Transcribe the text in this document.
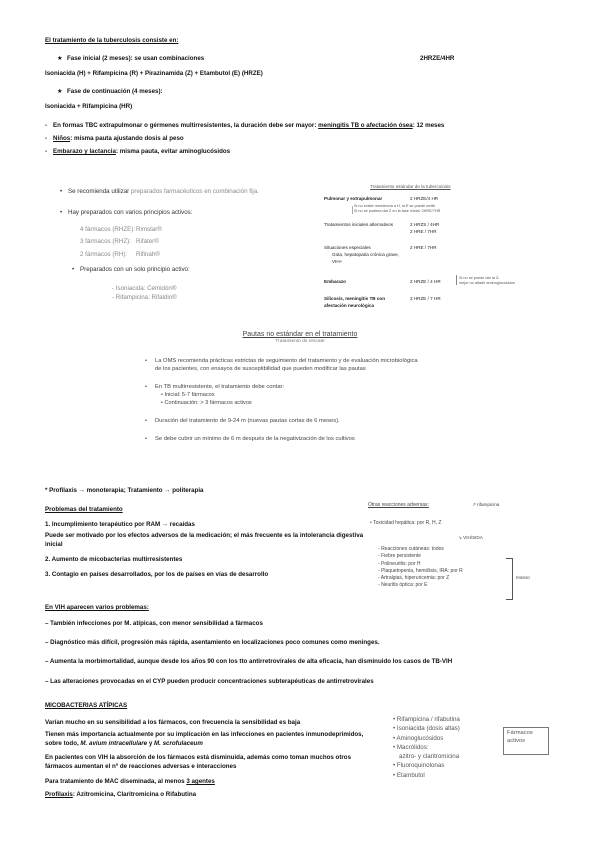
El tratamiento de la tuberculosis consiste en:
★ Fase inicial (2 meses): se usan combinaciones	2HRZE/4HR
Isoniacida (H) + Rifampicina (R) + Pirazinamida (Z) + Etambutol (E) (HRZE)
★ Fase de continuación (4 meses):
Isoniacida + Rifampicina (HR)
- En formas TBC extrapulmonar o gérmenes multirresistentes, la duración debe ser mayor: meningitis TB o afectación ósea: 12 meses
- Niños: misma pauta ajustando dosis al peso
- Embarazo y lactancia: misma pauta, evitar aminoglucósidos
• Se recomienda utilizar preparados farmacéuticos en combinación fija.
• Hay preparados con varios principios activos:
4 fármacos (RHZE):Rimstar®
3 fármacos (RHZ): Rifater®
2 fármacos (RH): Rifinah®
• Preparados con un solo principio activo:
- Isoniacida: Cemidón®
- Rifampicina: Rifaldin®
Tratamiento estándar de la tuberculosis
Pulmonar y extrapulmonar	2 HRZE/4 HR
Si no existe resistencia a H, la E se puede omitir
Si no se pudiera dar Z en la fase inicial: 2HRE/7HR
Tratamientos iniciales alternativos	2 HRZS / 4HR
2 HRE / 7HR
Situaciones especiales	2 HRE / 7HR
Gota, hepatopatía crónica grave,
VIH+
Embarazo	2 HRZE / 4 HR
Si no se puede dar la Z:
mejor no añadir aminoglucósidos
Silicosis, meningitis TB con
afectación neurológica
2 HRZE / 7 HR
Pautas no estándar en el tratamiento
Tratamiento de rescate
• La OMS recomienda prácticas estrictas de seguimiento del tratamiento y de evaluación microbiológica de los pacientes, con ensayos de susceptibilidad que pueden modificar las pautas
• En TB multirresistente, el tratamiento debe contar:
• Inicial: 5-7 fármacos
• Continuación: > 3 fármacos activos
• Duración del tratamiento de 9-24 m (nuevas pautas cortas de 6 meses).
• Se debe cubrir un mínimo de 6 m después de la negativización de los cultivos
* Profilaxis → monoterapia; Tratamiento → politerapia
Problemas del tratamiento
1. Incumplimiento terapéutico por RAM → recaídas
Puede ser motivado por los efectos adversos de la medicación; el más frecuente es la intolerancia digestiva inicial
2. Aumento de micobacterias multirresistentes
3. Contagio en países desarrollados, por los de países en vías de desarrollo
Otras reacciones adversas:	↗ rifampicina
• Toxicidad hepática: por R, H, Z
↘ VIH/SIDA
- Reacciones cutáneas: todos
- Fiebre persistente
- Polineuritis: por H
- Plaquetopenia, hemólisis, IRA: por R
- Artralgias, hiperuricemia: por Z
- Neuritis óptica: por E
Intenso
En VIH aparecen varios problemas:
– También infecciones por M. atípicas, con menor sensibilidad a fármacos
– Diagnóstico más difícil, progresión más rápida, asentamiento en localizaciones poco comunes como meninges.
– Aumenta la morbimortalidad, aunque desde los años 90 con los tto antirretrovirales de alta eficacia, han disminuido los casos de TB-VIH
– Las alteraciones provocadas en el CYP pueden producir concentraciones subterapéuticas de antirretrovirales
MICOBACTERIAS ATÍPICAS
Varían mucho en su sensibilidad a los fármacos, con frecuencia la sensibilidad es baja
Tienen más importancia actualmente por su implicación en las infecciones en pacientes inmunodeprimidos, sobre todo, M. avium intracellulare y M. scrofulaceum
En pacientes con VIH la absorción de los fármacos está disminuida, además como toman muchos otros fármacos aumentan el nº de reacciones adversas e interacciones
Para tratamiento de MAC diseminada, al menos 3 agentes
Profilaxis: Azitromicina, Claritromicina o Rifabutina
• Rifampicina / rifabutina
• Isoniacida (dosis altas)
• Aminoglucósidos
• Macrólidos:
azitro- y claritromicina
• Fluoroquinolonas
• Etambutol
Fármacos activos
